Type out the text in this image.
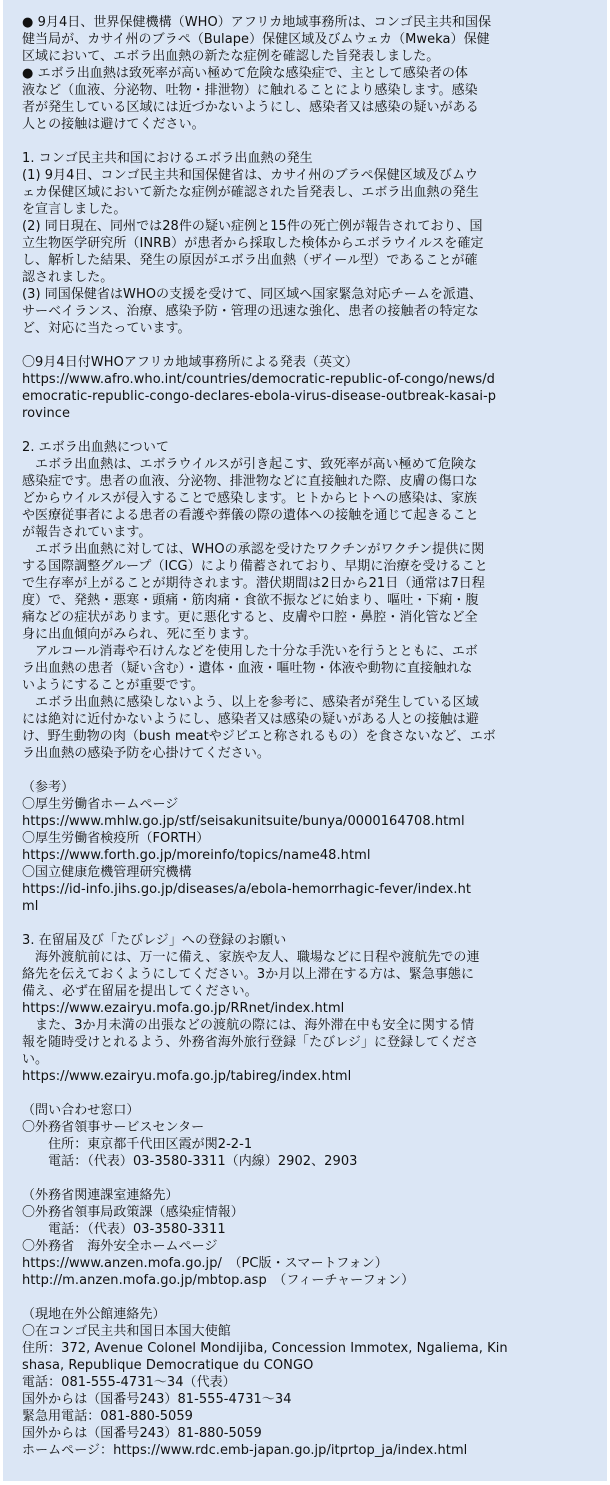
● 9月4日、世界保健機構（WHO）アフリカ地域事務所は、コンゴ民主共和国保
健当局が、カサイ州のブラペ（Bulape）保健区域及びムウェカ（Mweka）保健
区域において、エボラ出血熱の新たな症例を確認した旨発表しました。
● エボラ出血熱は致死率が高い極めて危険な感染症で、主として感染者の体
液など（血液、分泌物、吐物・排泄物）に触れることにより感染します。感染
者が発生している区域には近づかないようにし、感染者又は感染の疑いがある
人との接触は避けてください。
1. コンゴ民主共和国におけるエボラ出血熱の発生
(1) 9月4日、コンゴ民主共和国保健省は、カサイ州のブラペ保健区域及びムウ
ェカ保健区域において新たな症例が確認された旨発表し、エボラ出血熱の発生
を宣言しました。
(2) 同日現在、同州では28件の疑い症例と15件の死亡例が報告されており、国
立生物医学研究所（INRB）が患者から採取した検体からエボラウイルスを確定
し、解析した結果、発生の原因がエボラ出血熱（ザイール型）であることが確
認されました。
(3) 同国保健省はWHOの支援を受けて、同区域へ国家緊急対応チームを派遣、
サーベイランス、治療、感染予防・管理の迅速な強化、患者の接触者の特定な
ど、対応に当たっています。
〇9月4日付WHOアフリカ地域事務所による発表（英文）
https://www.afro.who.int/countries/democratic-republic-of-congo/news/d
emocratic-republic-congo-declares-ebola-virus-disease-outbreak-kasai-p
rovince
2. エボラ出血熱について
　エボラ出血熱は、エボラウイルスが引き起こす、致死率が高い極めて危険な
感染症です。患者の血液、分泌物、排泄物などに直接触れた際、皮膚の傷口な
どからウイルスが侵入することで感染します。ヒトからヒトへの感染は、家族
や医療従事者による患者の看護や葬儀の際の遺体への接触を通じて起きること
が報告されています。
　エボラ出血熱に対しては、WHOの承認を受けたワクチンがワクチン提供に関
する国際調整グループ（ICG）により備蓄されており、早期に治療を受けること
で生存率が上がることが期待されます。潜伏期間は2日から21日（通常は7日程
度）で、発熱・悪寒・頭痛・筋肉痛・食欲不振などに始まり、嘔吐・下痢・腹
痛などの症状があります。更に悪化すると、皮膚や口腔・鼻腔・消化管など全
身に出血傾向がみられ、死に至ります。
　アルコール消毒や石けんなどを使用した十分な手洗いを行うとともに、エボ
ラ出血熱の患者（疑い含む）・遺体・血液・嘔吐物・体液や動物に直接触れな
いようにすることが重要です。
　エボラ出血熱に感染しないよう、以上を参考に、感染者が発生している区域
には絶対に近付かないようにし、感染者又は感染の疑いがある人との接触は避
け、野生動物の肉（bush meatやジビエと称されるもの）を食さないなど、エボ
ラ出血熱の感染予防を心掛けてください。
（参考）
〇厚生労働省ホームページ
https://www.mhlw.go.jp/stf/seisakunitsuite/bunya/0000164708.html
〇厚生労働省検疫所（FORTH）
https://www.forth.go.jp/moreinfo/topics/name48.html
〇国立健康危機管理研究機構
https://id-info.jihs.go.jp/diseases/a/ebola-hemorrhagic-fever/index.ht
ml
3. 在留届及び「たびレジ」への登録のお願い
　海外渡航前には、万一に備え、家族や友人、職場などに日程や渡航先での連
絡先を伝えておくようにしてください。3か月以上滞在する方は、緊急事態に
備え、必ず在留届を提出してください。
https://www.ezairyu.mofa.go.jp/RRnet/index.html
　また、3か月未満の出張などの渡航の際には、海外滞在中も安全に関する情
報を随時受けとれるよう、外務省海外旅行登録「たびレジ」に登録してくださ
い。
https://www.ezairyu.mofa.go.jp/tabireg/index.html
（問い合わせ窓口）
〇外務省領事サービスセンター
　　住所：東京都千代田区霞が関2-2-1
　　電話：（代表）03-3580-3311（内線）2902、2903
（外務省関連課室連絡先）
〇外務省領事局政策課（感染症情報）
　　電話：（代表）03-3580-3311
〇外務省　海外安全ホームページ
https://www.anzen.mofa.go.jp/　（PC版・スマートフォン）
http://m.anzen.mofa.go.jp/mbtop.asp　（フィーチャーフォン）
（現地在外公館連絡先）
〇在コンゴ民主共和国日本国大使館
住所：372, Avenue Colonel Mondijiba, Concession Immotex, Ngaliema, Kin
shasa, Republique Democratique du CONGO
電話：081-555-4731～34（代表）
国外からは（国番号243）81-555-4731～34
緊急用電話：081-880-5059
国外からは（国番号243）81-880-5059
ホームページ：https://www.rdc.emb-japan.go.jp/itprtop_ja/index.html
